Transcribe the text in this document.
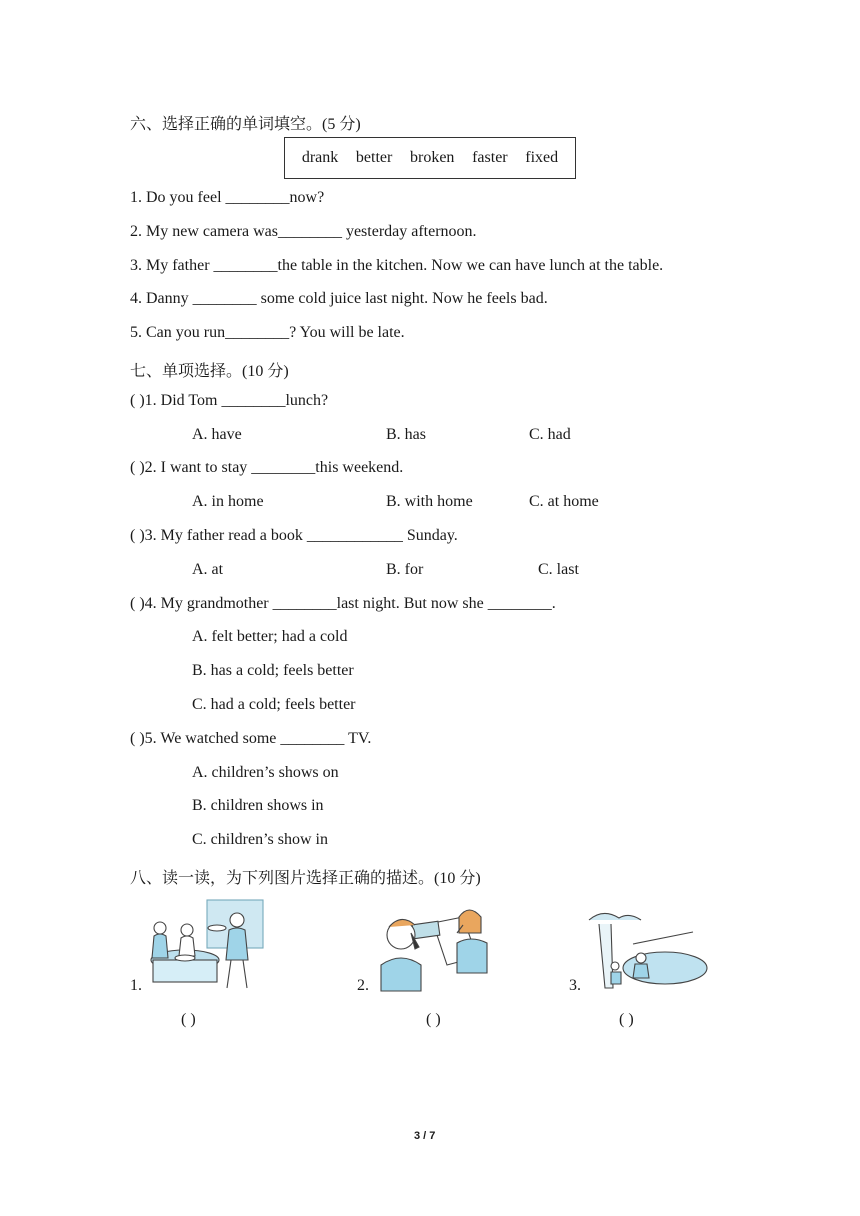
六、选择正确的单词填空。(5 分)
drank better broken faster fixed
1. Do you feel ________now?
2. My new camera was________ yesterday afternoon.
3. My father ________the table in the kitchen. Now we can have lunch at the table.
4. Danny ________ some cold juice last night. Now he feels bad.
5. Can you run________? You will be late.
七、单项选择。(10 分)
( )1. Did Tom ________lunch?
A. have	B. has	C. had
( )2. I want to stay ________this weekend.
A. in home	B. with home	C. at home
( )3. My father read a book ____________ Sunday.
A. at	B. for	C. last
( )4. My grandmother ________last night. But now she ________.
A. felt better; had a cold
B. has a cold; feels better
C. had a cold; feels better
( )5. We watched some ________ TV.
A. children’s shows on
B. children shows in
C. children’s show in
八、读一读，为下列图片选择正确的描述。(10 分)
1.
( )
2.
( )
3.
( )
3 / 7
